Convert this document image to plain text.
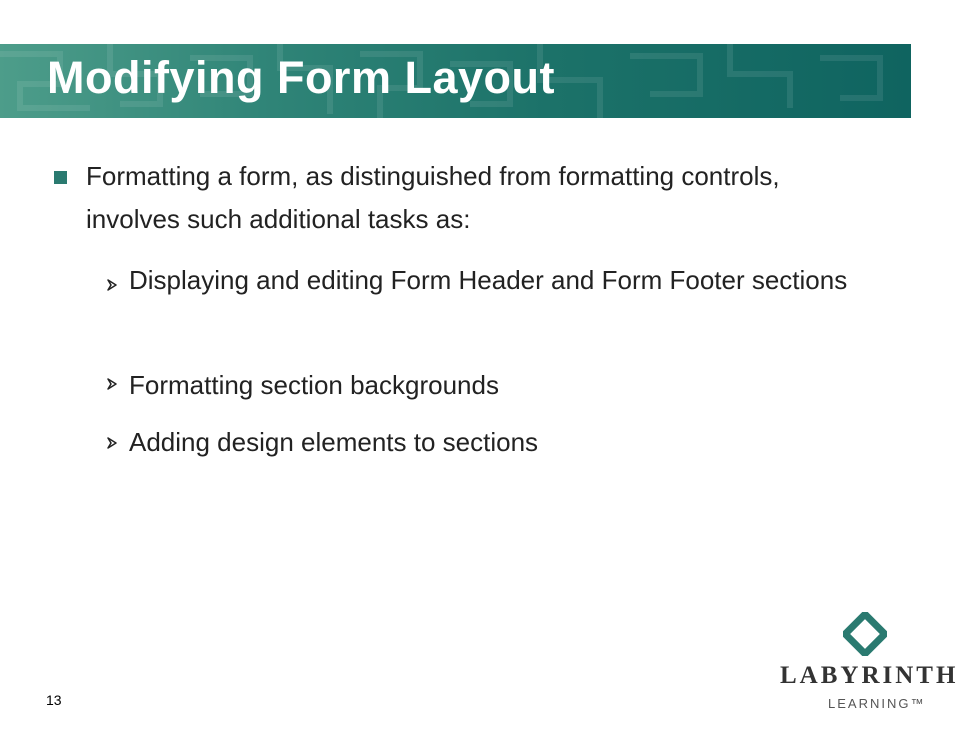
Modifying Form Layout
Formatting a form, as distinguished from formatting controls, involves such additional tasks as:
Displaying and editing Form Header and Form Footer sections
Formatting section backgrounds
Adding design elements to sections
13
LABYRINTH
LEARNING™
